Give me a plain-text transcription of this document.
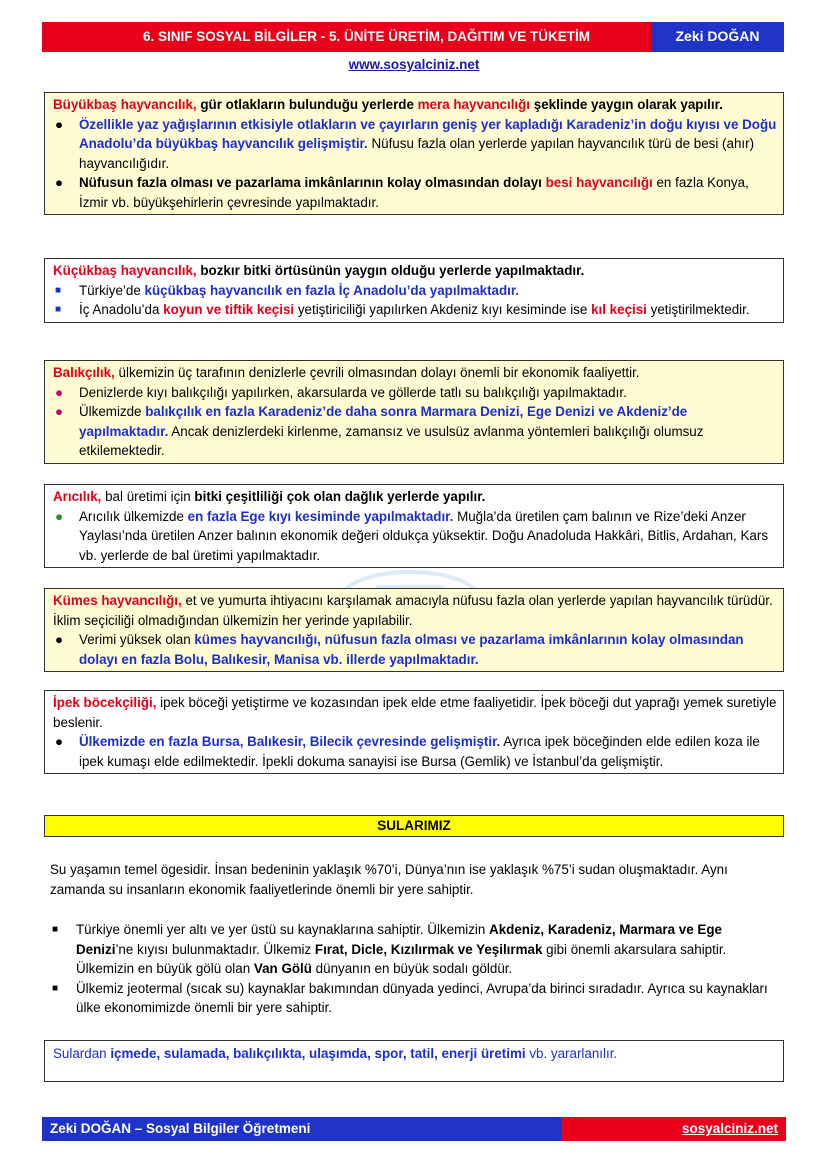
6. SINIF SOSYAL BİLGİLER - 5. ÜNİTE ÜRETİM, DAĞITIM VE TÜKETİM	Zeki DOĞAN
www.sosyalciniz.net

Büyükbaş hayvancılık, gür otlakların bulunduğu yerlerde mera hayvancılığı şeklinde yaygın olarak yapılır.

● Özellikle yaz yağışlarının etkisiyle otlakların ve çayırların geniş yer kapladığı Karadeniz’in doğu kıyısı ve Doğu Anadolu’da büyükbaş hayvancılık gelişmiştir. Nüfusu fazla olan yerlerde yapılan hayvancılık türü de besi (ahır) hayvancılığıdır.
● Nüfusun fazla olması ve pazarlama imkânlarının kolay olmasından dolayı besi hayvancılığı en fazla Konya, İzmir vb. büyükşehirlerin çevresinde yapılmaktadır.

Küçükbaş hayvancılık, bozkır bitki örtüsünün yaygın olduğu yerlerde yapılmaktadır.

■ Türkiye’de küçükbaş hayvancılık en fazla İç Anadolu’da yapılmaktadır.
■ İç Anadolu’da koyun ve tiftik keçisi yetiştiriciliği yapılırken Akdeniz kıyı kesiminde ise kıl keçisi yetiştirilmektedir.

Balıkçılık, ülkemizin üç tarafının denizlerle çevrili olmasından dolayı önemli bir ekonomik faaliyettir.

● Denizlerde kıyı balıkçılığı yapılırken, akarsularda ve göllerde tatlı su balıkçılığı yapılmaktadır.
● Ülkemizde balıkçılık en fazla Karadeniz’de daha sonra Marmara Denizi, Ege Denizi ve Akdeniz’de yapılmaktadır. Ancak denizlerdeki kirlenme, zamansız ve usulsüz avlanma yöntemleri balıkçılığı olumsuz etkilemektedir.

Arıcılık, bal üretimi için bitki çeşitliliği çok olan dağlık yerlerde yapılır.

● Arıcılık ülkemizde en fazla Ege kıyı kesiminde yapılmaktadır. Muğla’da üretilen çam balının ve Rize’deki Anzer Yaylası’nda üretilen Anzer balının ekonomik değeri oldukça yüksektir. Doğu Anadoluda Hakkâri, Bitlis, Ardahan, Kars vb. yerlerde de bal üretimi yapılmaktadır.

Kümes hayvancılığı, et ve yumurta ihtiyacını karşılamak amacıyla nüfusu fazla olan yerlerde yapılan hayvancılık türüdür. İklim seçiciliği olmadığından ülkemizin her yerinde yapılabilir.

● Verimi yüksek olan kümes hayvancılığı, nüfusun fazla olması ve pazarlama imkânlarının kolay olmasından dolayı en fazla Bolu, Balıkesir, Manisa vb. illerde yapılmaktadır.

İpek böcekçiliği, ipek böceği yetiştirme ve kozasından ipek elde etme faaliyetidir. İpek böceği dut yaprağı yemek suretiyle beslenir.

● Ülkemizde en fazla Bursa, Balıkesir, Bilecik çevresinde gelişmiştir. Ayrıca ipek böceğinden elde edilen koza ile ipek kumaşı elde edilmektedir. İpekli dokuma sanayisi ise Bursa (Gemlik) ve İstanbul’da gelişmiştir.
SULARIMIZ

Su yaşamın temel ögesidir. İnsan bedeninin yaklaşık %70’i, Dünya’nın ise yaklaşık %75’i sudan oluşmaktadır. Aynı zamanda su insanların ekonomik faaliyetlerinde önemli bir yere sahiptir.

■ Türkiye önemli yer altı ve yer üstü su kaynaklarına sahiptir. Ülkemizin Akdeniz, Karadeniz, Marmara ve Ege Denizi’ne kıyısı bulunmaktadır. Ülkemiz Fırat, Dicle, Kızılırmak ve Yeşilırmak gibi önemli akarsulara sahiptir. Ülkemizin en büyük gölü olan Van Gölü dünyanın en büyük sodalı göldür.
■ Ülkemiz jeotermal (sıcak su) kaynaklar bakımından dünyada yedinci, Avrupa’da birinci sıradadır. Ayrıca su kaynakları ülke ekonomimizde önemli bir yere sahiptir.
Sulardan içmede, sulamada, balıkçılıkta, ulaşımda, spor, tatil, enerji üretimi vb. yararlanılır.
Zeki DOĞAN – Sosyal Bilgiler Öğretmeni	sosyalciniz.net
